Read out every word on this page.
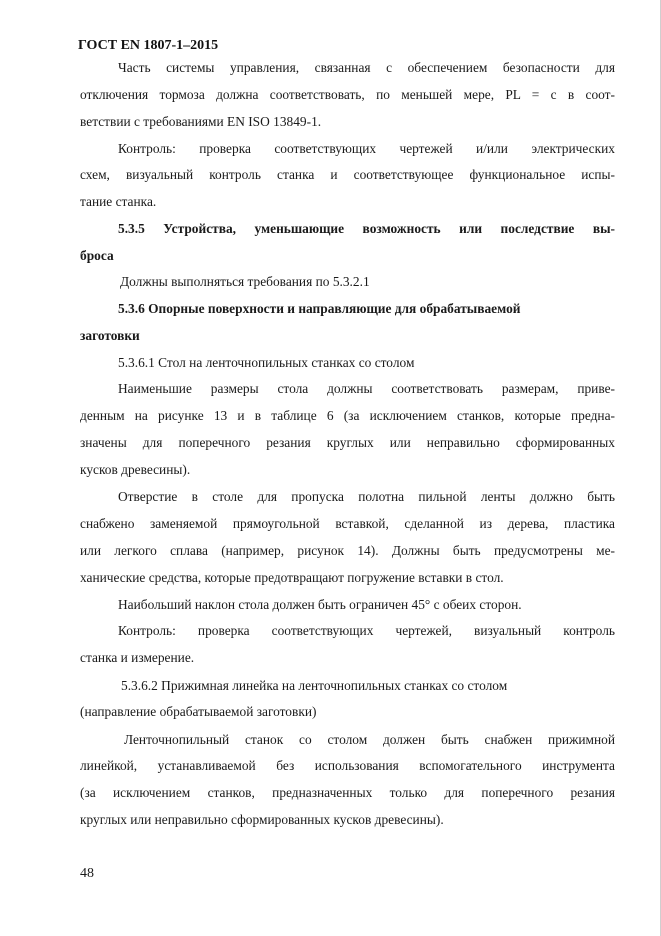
ГОСТ EN 1807-1–2015
Часть системы управления, связанная с обеспечением безопасности для
отключения тормоза должна соответствовать, по меньшей мере, PL = c в соот-
ветствии с требованиями EN ISO 13849-1.
Контроль: проверка соответствующих чертежей и/или электрических
схем, визуальный контроль станка и соответствующее функциональное испы-
тание станка.
5.3.5 Устройства, уменьшающие возможность или последствие вы-
броса
Должны выполняться требования по 5.3.2.1
5.3.6 Опорные поверхности и направляющие для обрабатываемой
заготовки
5.3.6.1 Стол на ленточнопильных станках со столом
Наименьшие размеры стола должны соответствовать размерам, приве-
денным на рисунке 13 и в таблице 6 (за исключением станков, которые предна-
значены для поперечного резания круглых или неправильно сформированных
кусков древесины).
Отверстие в столе для пропуска полотна пильной ленты должно быть
снабжено заменяемой прямоугольной вставкой, сделанной из дерева, пластика
или легкого сплава (например, рисунок 14). Должны быть предусмотрены ме-
ханические средства, которые предотвращают погружение вставки в стол.
Наибольший наклон стола должен быть ограничен 45° с обеих сторон.
Контроль: проверка соответствующих чертежей, визуальный контроль
станка и измерение.
5.3.6.2 Прижимная линейка на ленточнопильных станках со столом
(направление обрабатываемой заготовки)
Ленточнопильный станок со столом должен быть снабжен прижимной
линейкой, устанавливаемой без использования вспомогательного инструмента
(за исключением станков, предназначенных только для поперечного резания
круглых или неправильно сформированных кусков древесины).
48
